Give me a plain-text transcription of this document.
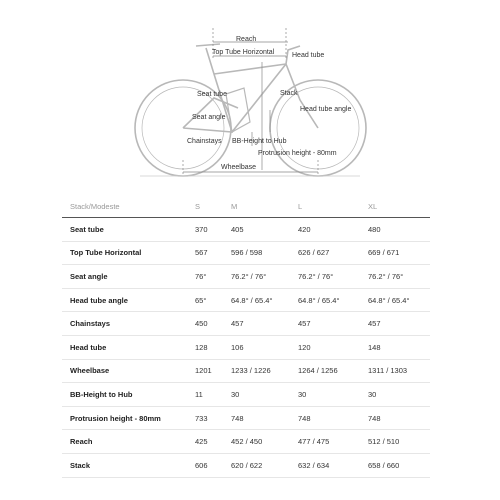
Reach
Top Tube Horizontal	Head tube
Seat tube	Stack
Seat angle
Head tube angle
Chainstays BB-Height to Hub
Protrusion height - 80mm
Wheelbase
Stack/Modeste	S	M	L	XL
Seat tube	370	405	420	480
Top Tube Horizontal	567	596 / 598	626 / 627	669 / 671
Seat angle	76°	76.2° / 76°	76.2° / 76°	76.2° / 76°
Head tube angle	65°	64.8° / 65.4°	64.8° / 65.4°	64.8° / 65.4°
Chainstays	450	457	457	457
Head tube	128	106	120	148
Wheelbase	1201	1233 / 1226	1264 / 1256	1311 / 1303
BB-Height to Hub	11	30	30	30
Protrusion height - 80mm	733	748	748	748
Reach	425	452 / 450	477 / 475	512 / 510
Stack	606	620 / 622	632 / 634	658 / 660
